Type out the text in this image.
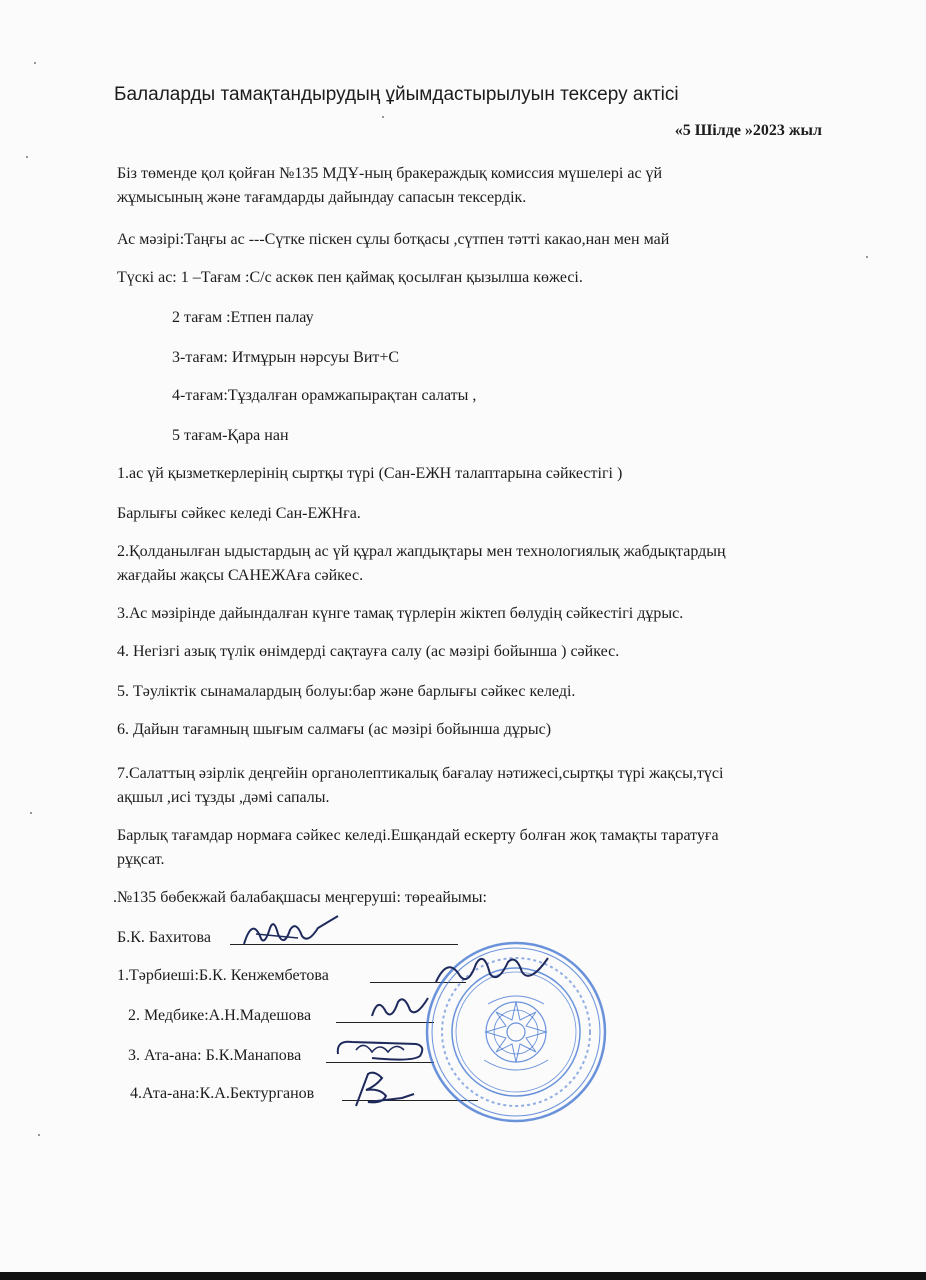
Балаларды тамақтандырудың ұйымдастырылуын тексеру актісі
«5 Шілде »2023 жыл
Біз төменде қол қойған №135 МДҰ-ның бракераждық комиссия мүшелері ас үй
жұмысының және тағамдарды дайындау сапасын тексердік.
Ас мәзірі:Таңғы ас ---Сүтке піскен сұлы ботқасы ,сүтпен тәтті какао,нан мен май
Түскі ас: 1 –Тағам :С/с аскөк пен қаймақ қосылған қызылша көжесі.
2 тағам :Етпен палау
3-тағам: Итмұрын нәрсуы Вит+С
4-тағам:Тұздалған орамжапырақтан салаты ,
5 тағам-Қара нан
1.ас үй қызметкерлерінің сыртқы түрі (Сан-ЕЖН талаптарына сәйкестігі )
Барлығы сәйкес келеді Сан-ЕЖНға.
2.Қолданылған ыдыстардың ас үй құрал жапдықтары мен технологиялық жабдықтардың
жағдайы жақсы САНЕЖАға сәйкес.
3.Ас мәзірінде дайындалған күнге тамақ түрлерін жіктеп бөлудің сәйкестігі дұрыс.
4. Негізгі азық түлік өнімдерді сақтауға салу (ас мәзірі бойынша ) сәйкес.
5. Тәуліктік сынамалардың болуы:бар және барлығы сәйкес келеді.
6. Дайын тағамның шығым салмағы (ас мәзірі бойынша дұрыс)
7.Салаттың әзірлік деңгейін органолептикалық бағалау нәтижесі,сыртқы түрі жақсы,түсі
ақшыл ,исі тұзды ,дәмі сапалы.
Барлық тағамдар нормаға сәйкес келеді.Ешқандай ескерту болған жоқ тамақты таратуға
рұқсат.
.№135 бөбекжай балабақшасы меңгеруші: төреайымы:
Б.К. Бахитова
1.Тәрбиеші:Б.К. Кенжембетова
2. Медбике:А.Н.Мадешова
3. Ата-ана: Б.К.Манапова
4.Ата-ана:К.А.Бектурганов
